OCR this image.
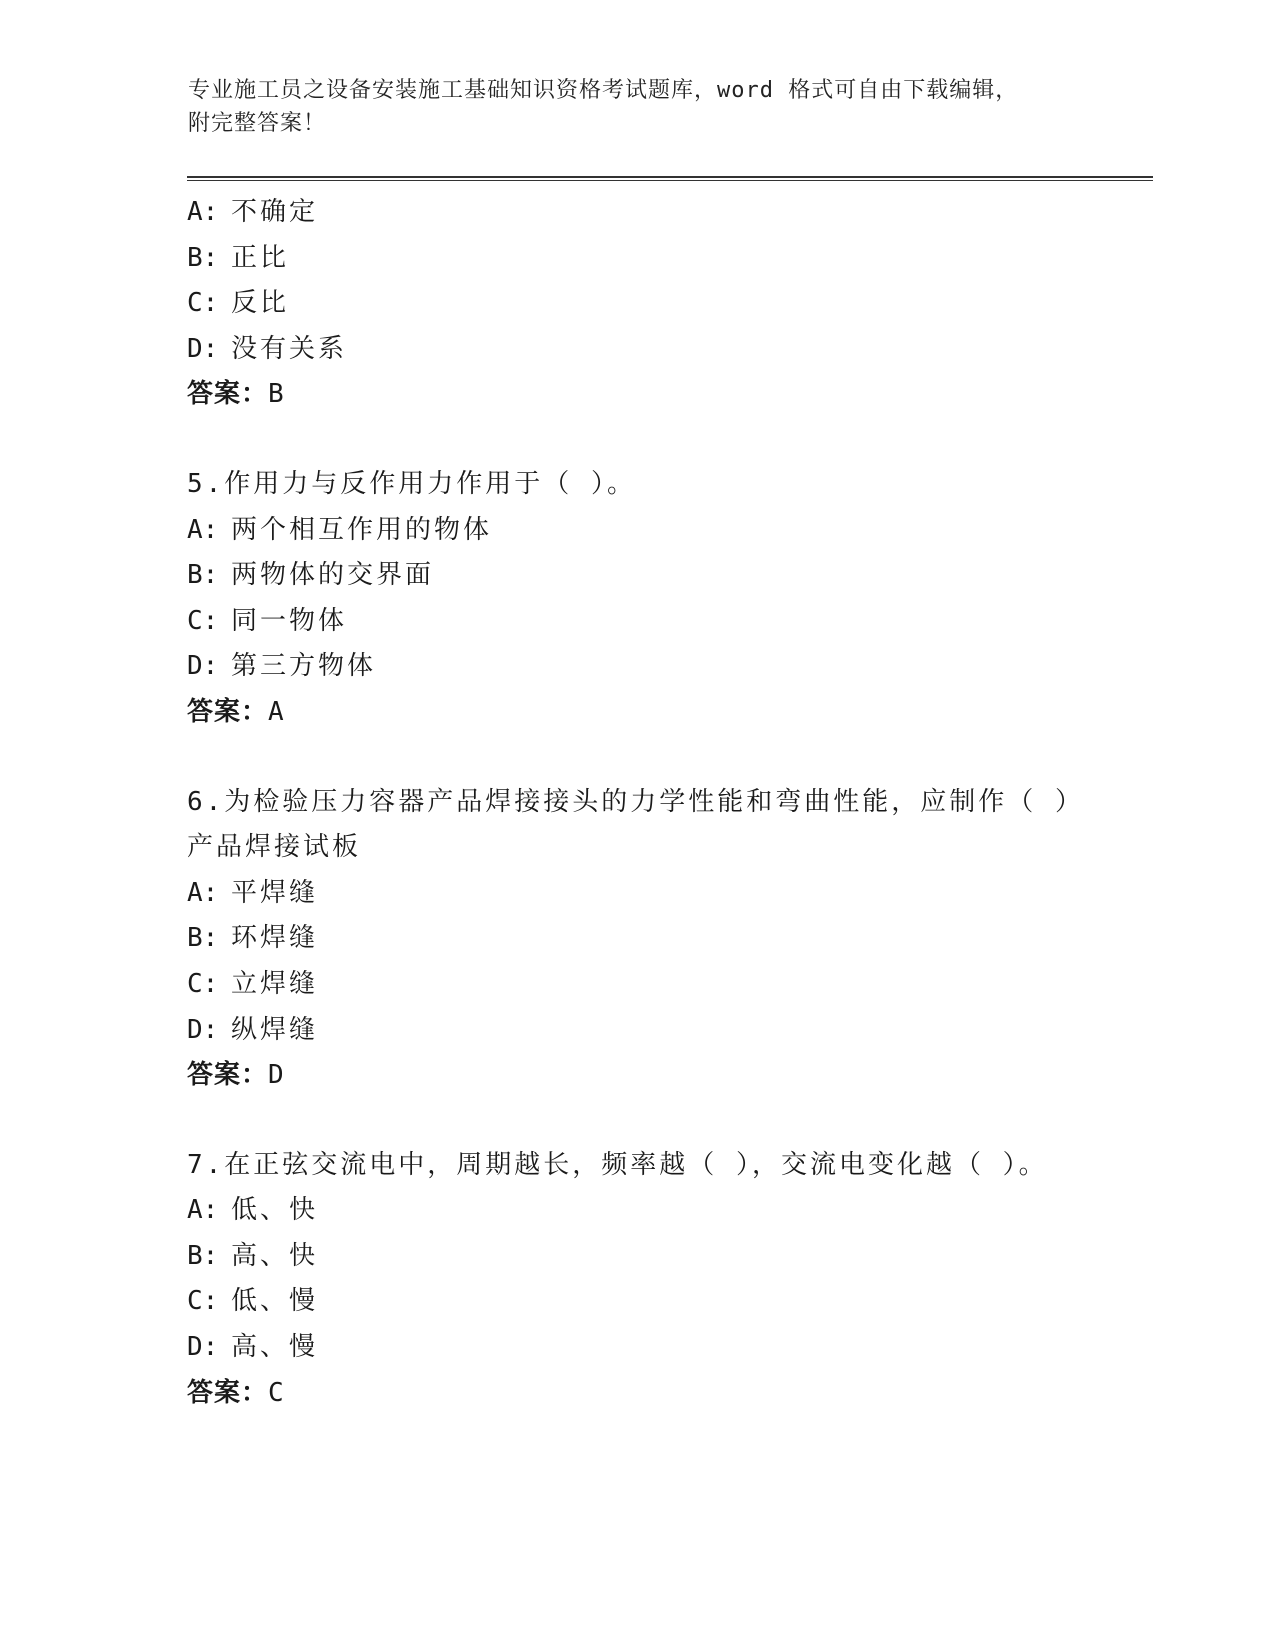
专业施工员之设备安装施工基础知识资格考试题库，word 格式可自由下载编辑，
附完整答案！
A: 不确定
B: 正比
C: 反比
D: 没有关系
答案：B
5.作用力与反作用力作用于（ ）。
A: 两个相互作用的物体
B: 两物体的交界面
C: 同一物体
D: 第三方物体
答案：A
6.为检验压力容器产品焊接接头的力学性能和弯曲性能，应制作（ ）
产品焊接试板
A: 平焊缝
B: 环焊缝
C: 立焊缝
D: 纵焊缝
答案：D
7.在正弦交流电中，周期越长，频率越（ ），交流电变化越（ ）。
A: 低、快
B: 高、快
C: 低、慢
D: 高、慢
答案：C
